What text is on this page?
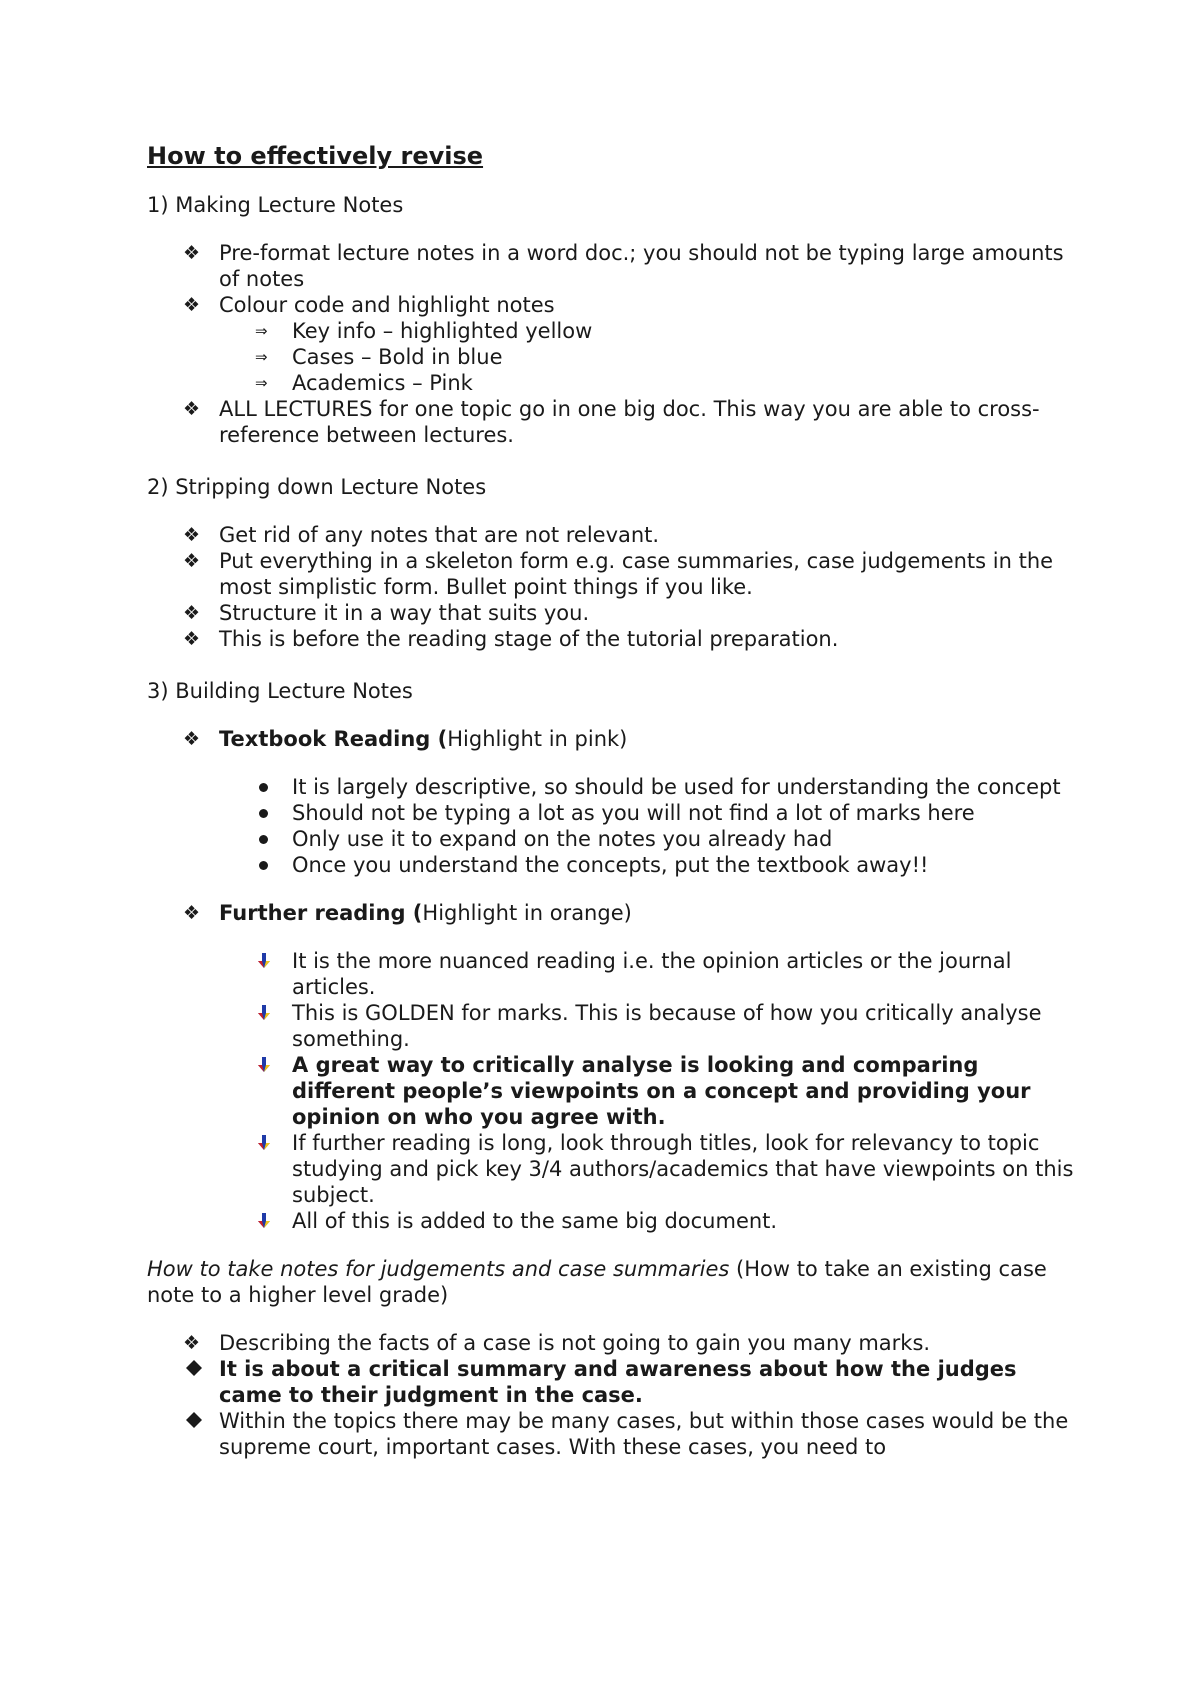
How to effectively revise
1) Making Lecture Notes
❖ Pre-format lecture notes in a word doc.; you should not be typing large amounts of notes
❖ Colour code and highlight notes
⇒	Key info – highlighted yellow
⇒	Cases – Bold in blue
⇒	Academics – Pink
❖ ALL LECTURES for one topic go in one big doc. This way you are able to cross-reference between lectures.
2) Stripping down Lecture Notes
❖ Get rid of any notes that are not relevant.
❖ Put everything in a skeleton form e.g. case summaries, case judgements in the most simplistic form. Bullet point things if you like.
❖ Structure it in a way that suits you.
❖ This is before the reading stage of the tutorial preparation.
3) Building Lecture Notes
❖ Textbook Reading (Highlight in pink)
It is largely descriptive, so should be used for understanding the concept
Should not be typing a lot as you will not find a lot of marks here
Only use it to expand on the notes you already had
Once you understand the concepts, put the textbook away!!
❖ Further reading (Highlight in orange)
It is the more nuanced reading i.e. the opinion articles or the journal articles.
This is GOLDEN for marks. This is because of how you critically analyse something.
A great way to critically analyse is looking and comparing different people’s viewpoints on a concept and providing your opinion on who you agree with.
If further reading is long, look through titles, look for relevancy to topic studying and pick key 3/4 authors/academics that have viewpoints on this subject.
All of this is added to the same big document.
How to take notes for judgements and case summaries (How to take an existing case note to a higher level grade)
❖ Describing the facts of a case is not going to gain you many marks.
It is about a critical summary and awareness about how the judges came to their judgment in the case.
Within the topics there may be many cases, but within those cases would be the supreme court, important cases. With these cases, you need to
